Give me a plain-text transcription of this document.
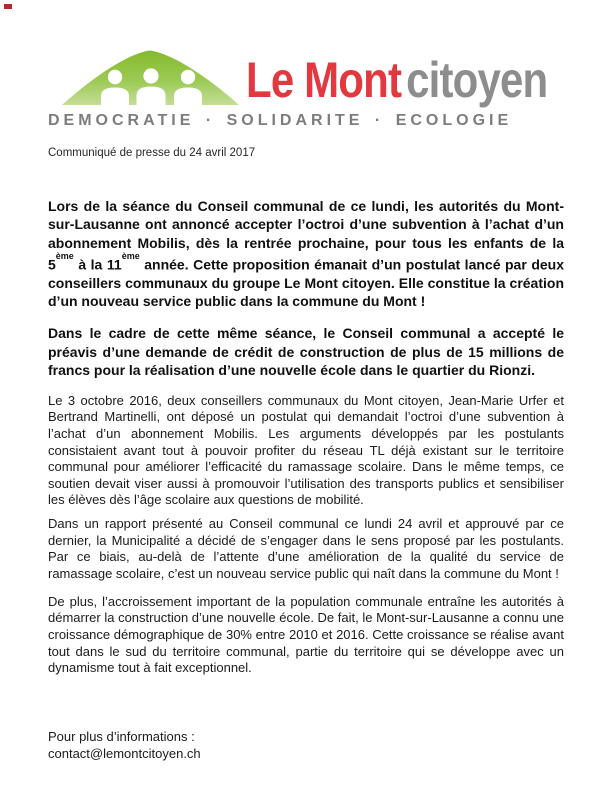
Le Mont citoyen
DEMOCRATIE · SOLIDARITE · ECOLOGIE
Communiqué de presse du 24 avril 2017

Lors de la séance du Conseil communal de ce lundi, les autorités du Mont-sur-Lausanne ont annoncé accepter l’octroi d’une subvention à l’achat d’un abonnement Mobilis, dès la rentrée prochaine, pour tous les enfants de la 5ème à la 11ème année. Cette proposition émanait d’un postulat lancé par deux conseillers communaux du groupe Le Mont citoyen. Elle constitue la création d’un nouveau service public dans la commune du Mont !

Dans le cadre de cette même séance, le Conseil communal a accepté le préavis d’une demande de crédit de construction de plus de 15 millions de francs pour la réalisation d’une nouvelle école dans le quartier du Rionzi.

Le 3 octobre 2016, deux conseillers communaux du Mont citoyen, Jean-Marie Urfer et Bertrand Martinelli, ont déposé un postulat qui demandait l’octroi d’une subvention à l’achat d’un abonnement Mobilis. Les arguments développés par les postulants consistaient avant tout à pouvoir profiter du réseau TL déjà existant sur le territoire communal pour améliorer l’efficacité du ramassage scolaire. Dans le même temps, ce soutien devait viser aussi à promouvoir l’utilisation des transports publics et sensibiliser les élèves dès l’âge scolaire aux questions de mobilité.

Dans un rapport présenté au Conseil communal ce lundi 24 avril et approuvé par ce dernier, la Municipalité a décidé de s’engager dans le sens proposé par les postulants. Par ce biais, au-delà de l’attente d’une amélioration de la qualité du service de ramassage scolaire, c’est un nouveau service public qui naît dans la commune du Mont !

De plus, l’accroissement important de la population communale entraîne les autorités à démarrer la construction d’une nouvelle école. De fait, le Mont-sur-Lausanne a connu une croissance démographique de 30% entre 2010 et 2016. Cette croissance se réalise avant tout dans le sud du territoire communal, partie du territoire qui se développe avec un dynamisme tout à fait exceptionnel.

Pour plus d’informations :
contact@lemontcitoyen.ch
